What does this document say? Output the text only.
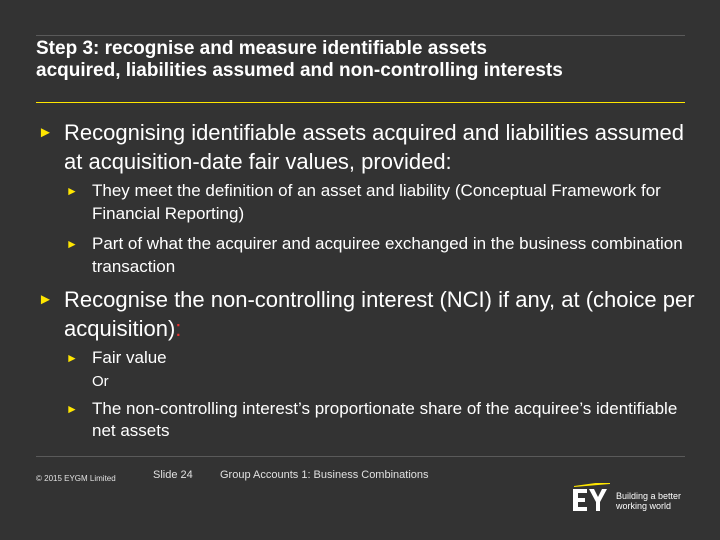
Step 3: recognise and measure identifiable assets
acquired, liabilities assumed and non-controlling interests
► Recognising identifiable assets acquired and liabilities assumed at acquisition-date fair values, provided:
► They meet the definition of an asset and liability (Conceptual Framework for Financial Reporting)
► Part of what the acquirer and acquiree exchanged in the business combination transaction
► Recognise the non-controlling interest (NCI) if any, at (choice per acquisition):
► Fair value
Or
► The non-controlling interest’s proportionate share of the acquiree’s identifiable net assets
© 2015 EYGM Limited	Slide 24 Group Accounts 1: Business Combinations
Building a better
working world
